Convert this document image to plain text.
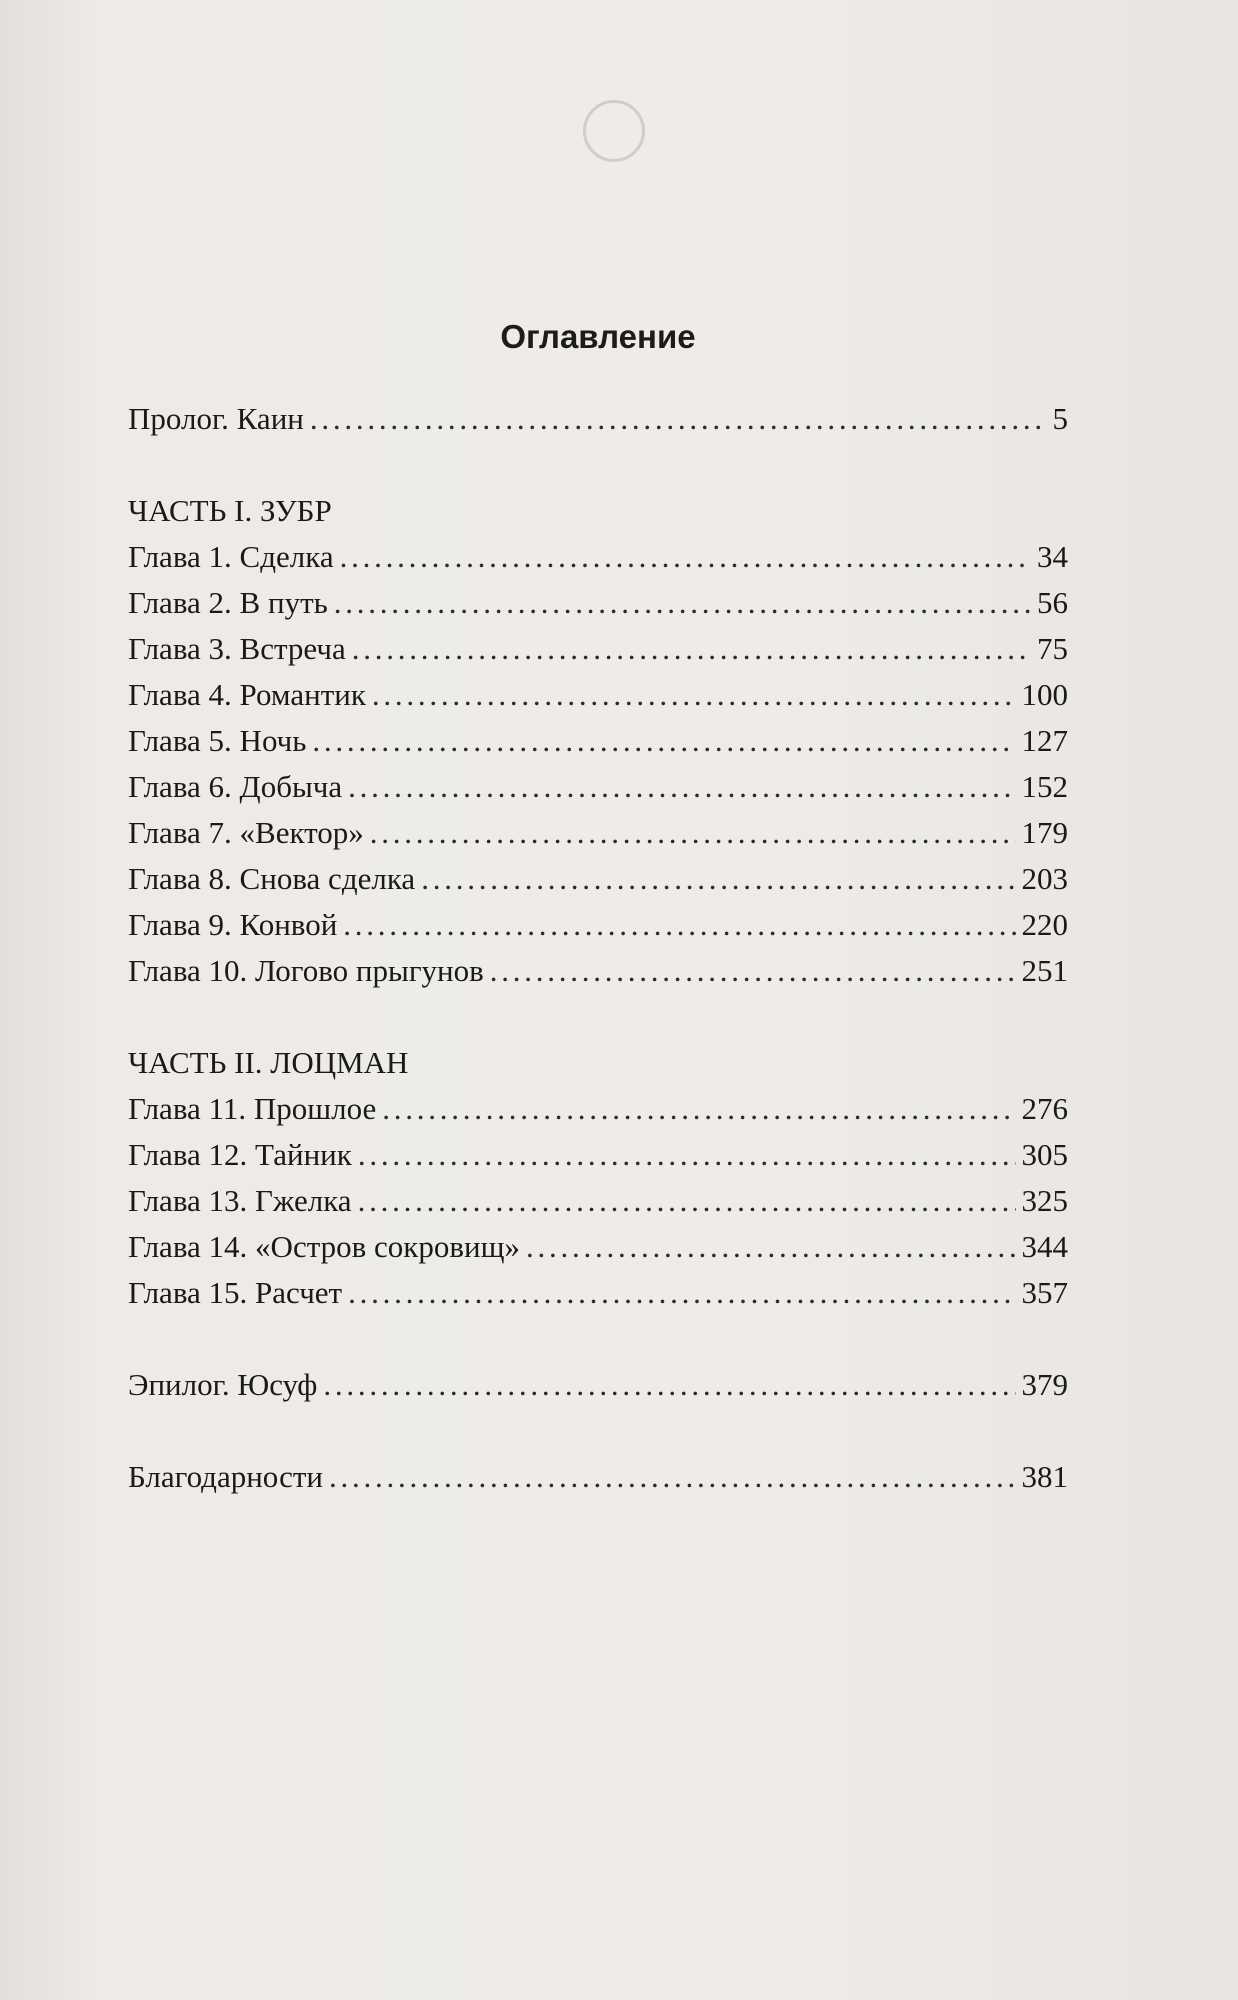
Оглавление
Пролог. Каин . . .	5
ЧАСТЬ I. ЗУБР
Глава 1. Сделка . . .	34
Глава 2. В путь . . .	56
Глава 3. Встреча . . .	75
Глава 4. Романтик . . .	100
Глава 5. Ночь . . .	127
Глава 6. Добыча . . .	152
Глава 7. «Вектор» . . .	179
Глава 8. Снова сделка . . .	203
Глава 9. Конвой . . .	220
Глава 10. Логово прыгунов . . .	251
ЧАСТЬ II. ЛОЦМАН
Глава 11. Прошлое . . .	276
Глава 12. Тайник . . .	305
Глава 13. Гжелка . . .	325
Глава 14. «Остров сокровищ» . . .	344
Глава 15. Расчет . . .	357
Эпилог. Юсуф . . .	379
Благодарности . . .	381
